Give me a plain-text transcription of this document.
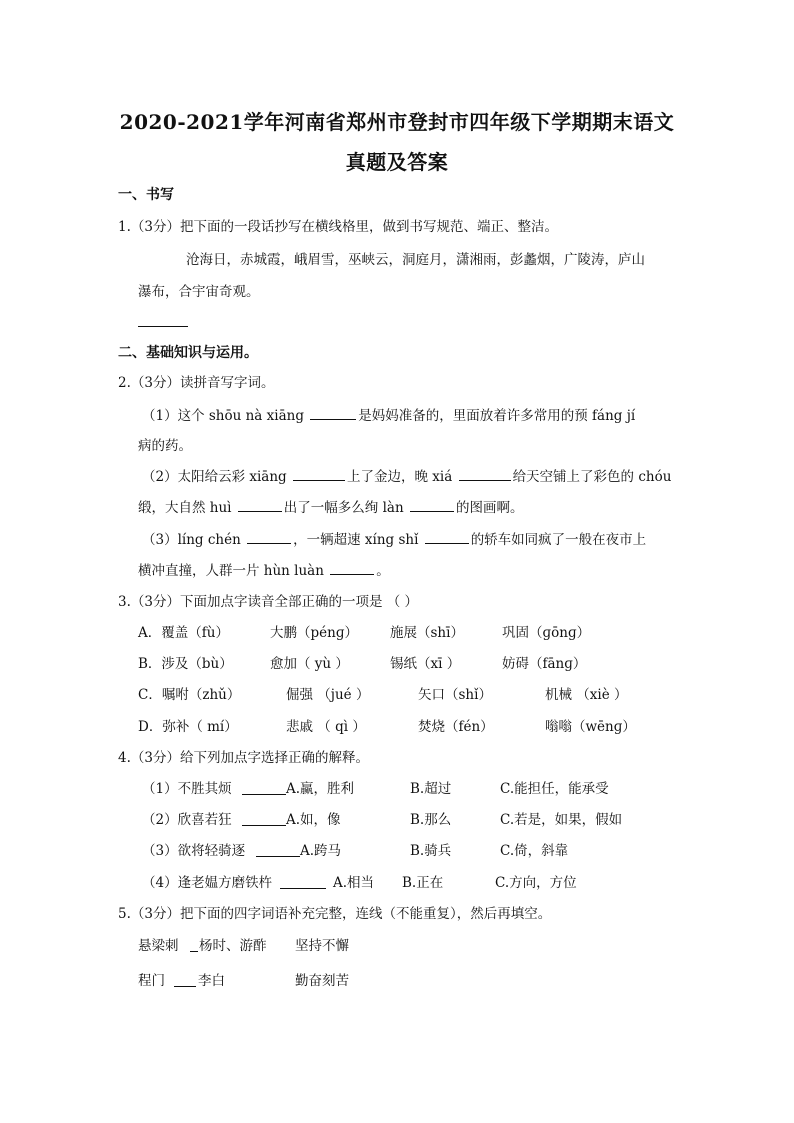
2020-2021学年河南省郑州市登封市四年级下学期期末语文
真题及答案
一、书写
1.（3分）把下面的一段话抄写在横线格里，做到书写规范、端正、整洁。
沧海日，赤城霞，峨眉雪，巫峡云，洞庭月，潇湘雨，彭蠡烟，广陵涛，庐山
瀑布，合宇宙奇观。
二、基础知识与运用。
2.（3分）读拼音写字词。
（1）这个 shōu nà xiāng	是妈妈准备的，里面放着许多常用的预 fáng jí
病的药。
（2）太阳给云彩 xiāng	上了金边，晚 xiá	给天空铺上了彩色的 chóu
缎，大自然 huì	出了一幅多么绚 làn	的图画啊。
（3）líng chén	，一辆超速 xíng shǐ	的轿车如同疯了一般在夜市上
横冲直撞，人群一片 hùn luàn	。
3.（3分）下面加点字读音全部正确的一项是 （ ）
A．覆盖（fù）	大鹏（pénɡ） 施展（shī）	巩固（ɡōnɡ）
B．涉及（bù）	愈加（ yù ）	锡纸（xī ）	妨碍（fānɡ）
C．嘱咐（zhǔ）	倔强 （jué ）	矢口（shǐ）	机械 （xiè ）
D．弥补（ mí）	悲戚 （ qì ）	焚烧（fén）	嗡嗡（wēnɡ）
4.（3分）给下列加点字选择正确的解释。
（1）不胜其烦	A.赢，胜利	B.超过	C.能担任，能承受
（2）欣喜若狂	A.如，像	B.那么	C.若是，如果，假如
（3）欲将轻骑逐	A.跨马	B.骑兵	C.倚，斜靠
（4）逢老媪方磨铁杵	A.相当 B.正在	C.方向，方位
5.（3分）把下面的四字词语补充完整，连线（不能重复），然后再填空。
悬梁刺 杨时、游酢 坚持不懈
程门 李白	勤奋刻苦
